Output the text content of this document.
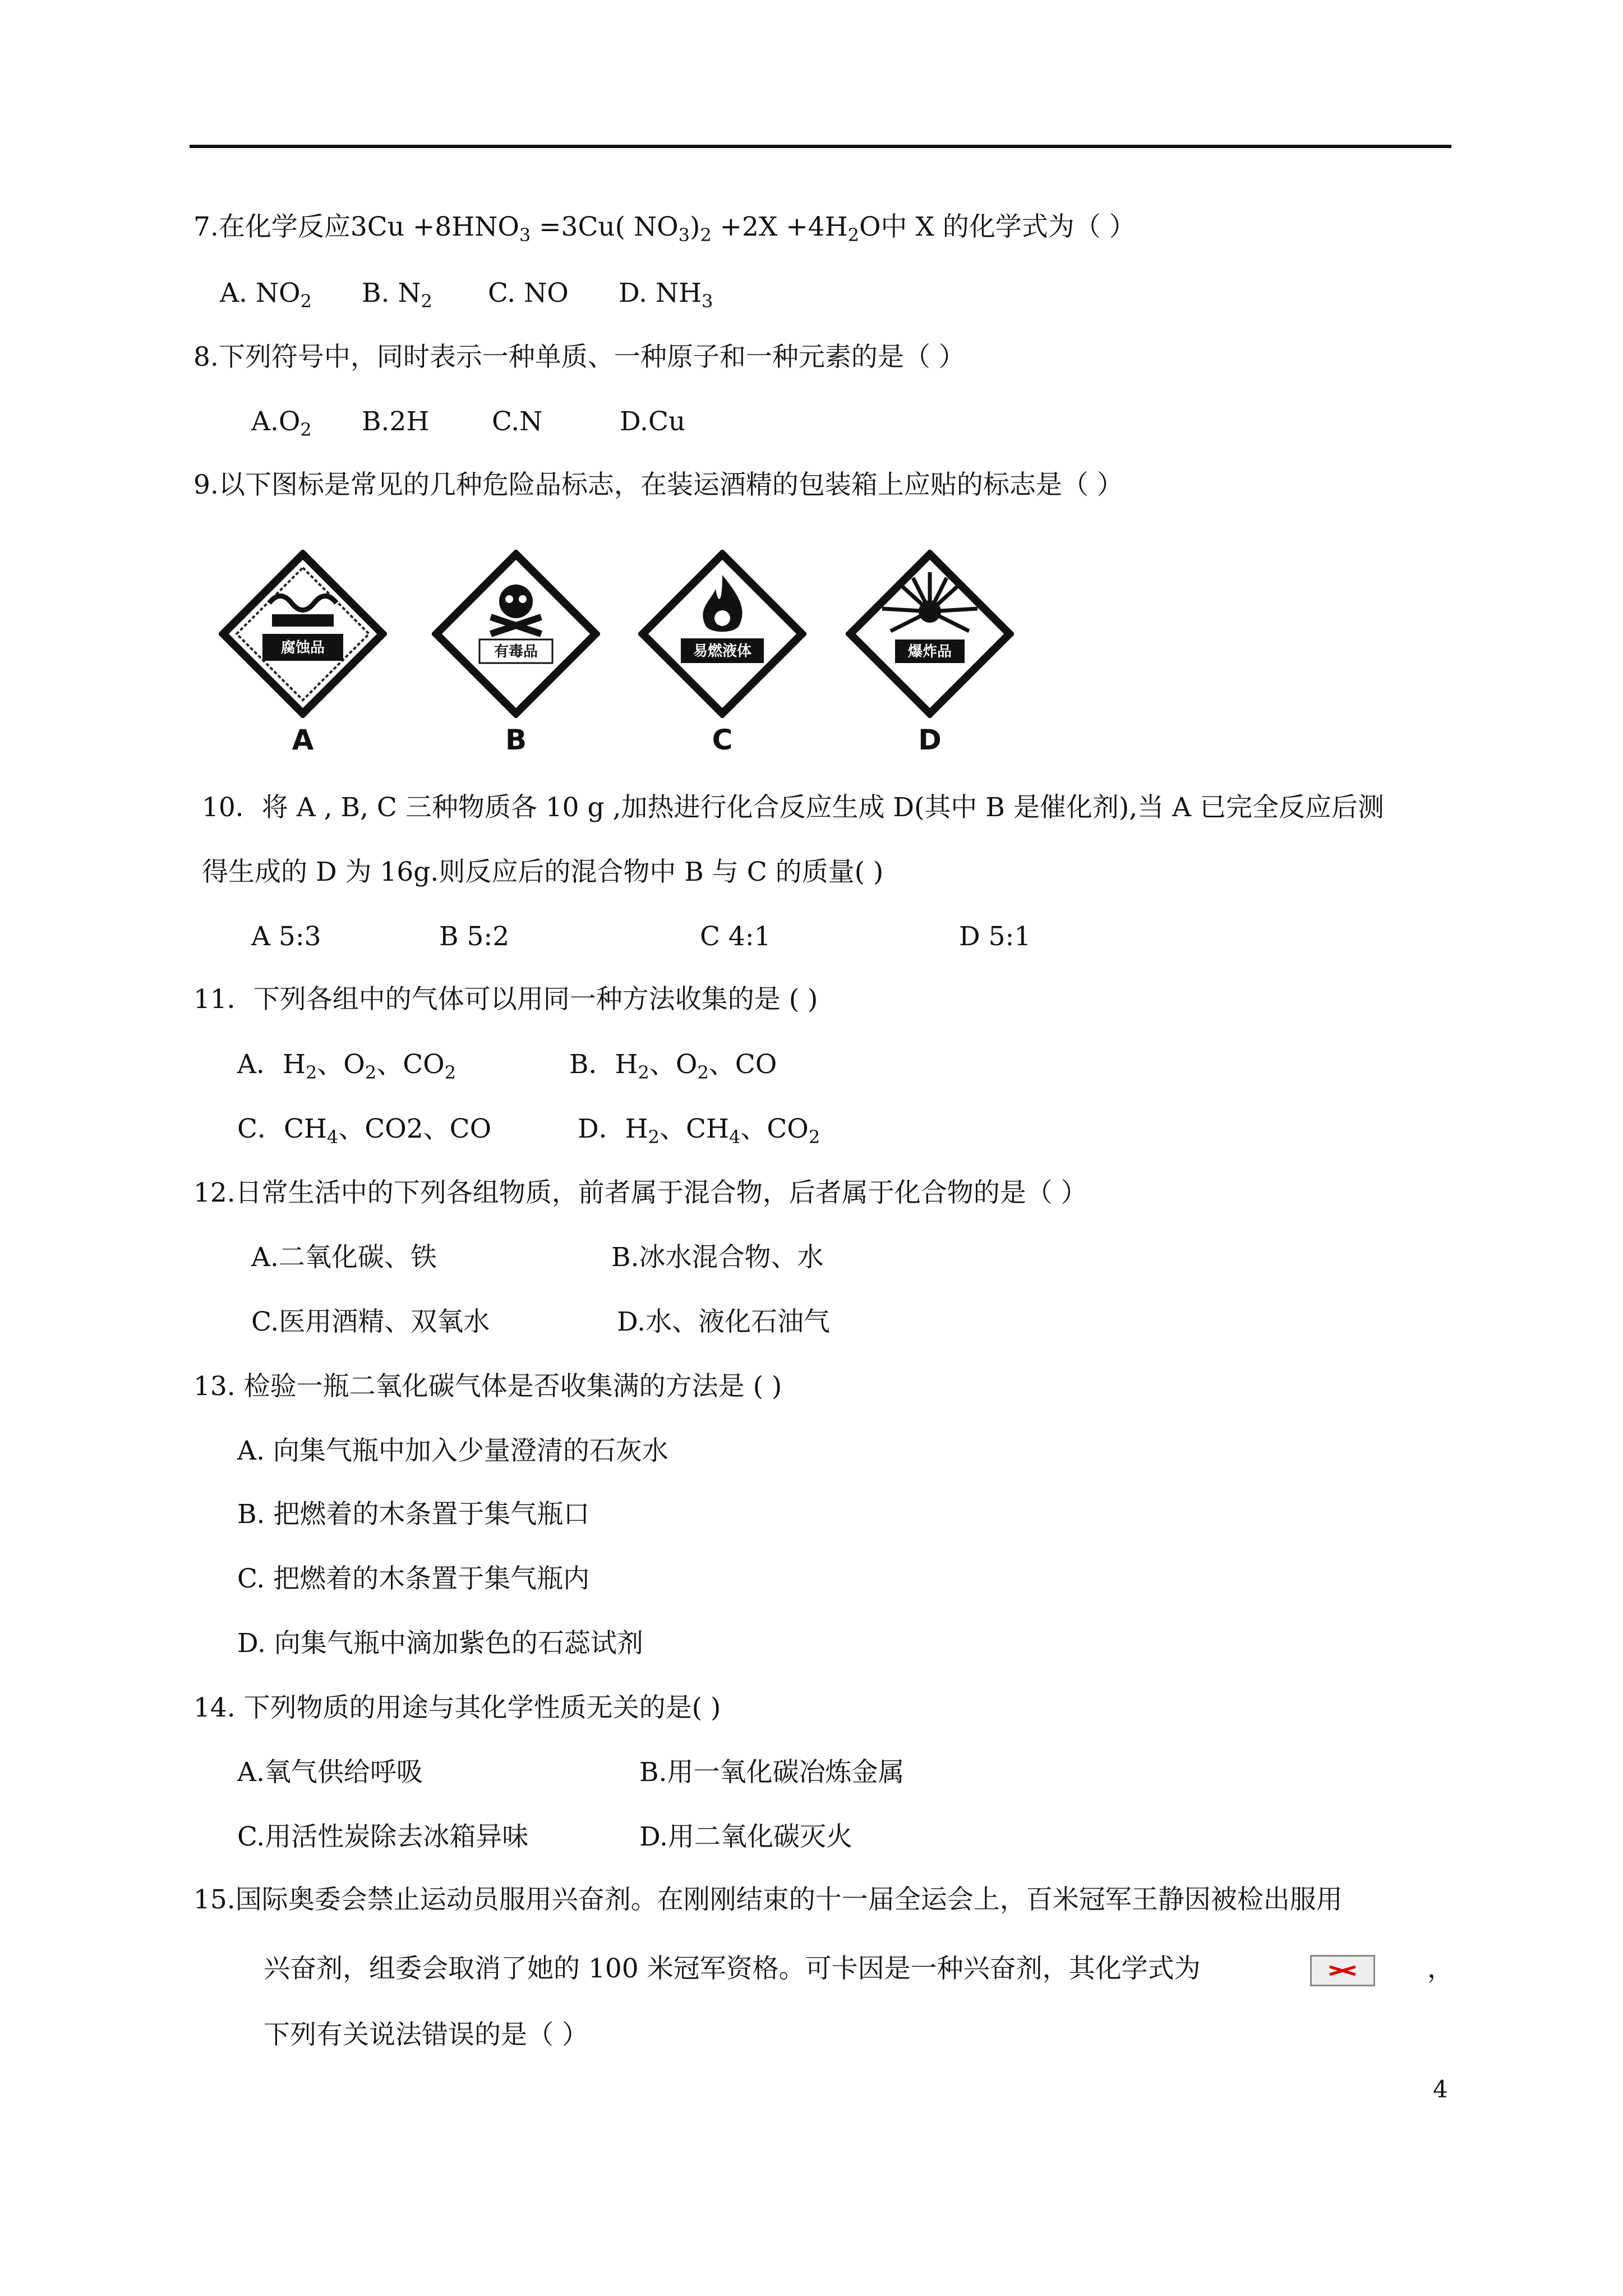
7.在化学反应$3Cu +8HNO_3 =3Cu$( $NO_3)_2 +2X +4H_2O$中 X 的化学式为（ ）
A. $NO_2$ B. $N_2$ C. NO D. $NH_3$
8.下列符号中，同时表示一种单质、一种原子和一种元素的是（ ）
$A.O_2$ B.2H C.N	D.Cu
9.以下图标是常见的几种危险品标志，在装运酒精的包装箱上应贴的标志是（ ）
腐蚀品
A
有毒品
B
易燃液体
C
爆炸品
D
10．将 A , B, C 三种物质各 10 g ,加热进行化合反应生成 D(其中 B 是催化剂),当 A 已完全反应后测
得生成的 D 为 16g.则反应后的混合物中 B 与 C 的质量( )
A 5:3	B 5:2	C 4:1	D 5:1
11．下列各组中的气体可以用同一种方法收集的是 ( )
A．$H_2$、$O_2$、$CO_2$	B．$H_2$、$O_2$、CO
C．$CH_4$、CO2、CO	D．$H_2$、$CH_4$、$CO_2$
12.日常生活中的下列各组物质，前者属于混合物，后者属于化合物的是（ ）
A.二氧化碳、铁	B.冰水混合物、水
C.医用酒精、双氧水	D.水、液化石油气
13. 检验一瓶二氧化碳气体是否收集满的方法是 ( )
A. 向集气瓶中加入少量澄清的石灰水
B. 把燃着的木条置于集气瓶口
C. 把燃着的木条置于集气瓶内
D. 向集气瓶中滴加紫色的石蕊试剂
14. 下列物质的用途与其化学性质无关的是( )
A.氧气供给呼吸	B.用一氧化碳冶炼金属
C.用活性炭除去冰箱异味	D.用二氧化碳灭火
15.国际奥委会禁止运动员服用兴奋剂。在刚刚结束的十一届全运会上，百米冠军王静因被检出服用
兴奋剂，组委会取消了她的 100 米冠军资格。可卡因是一种兴奋剂，其化学式为	，
下列有关说法错误的是（ ）
4
